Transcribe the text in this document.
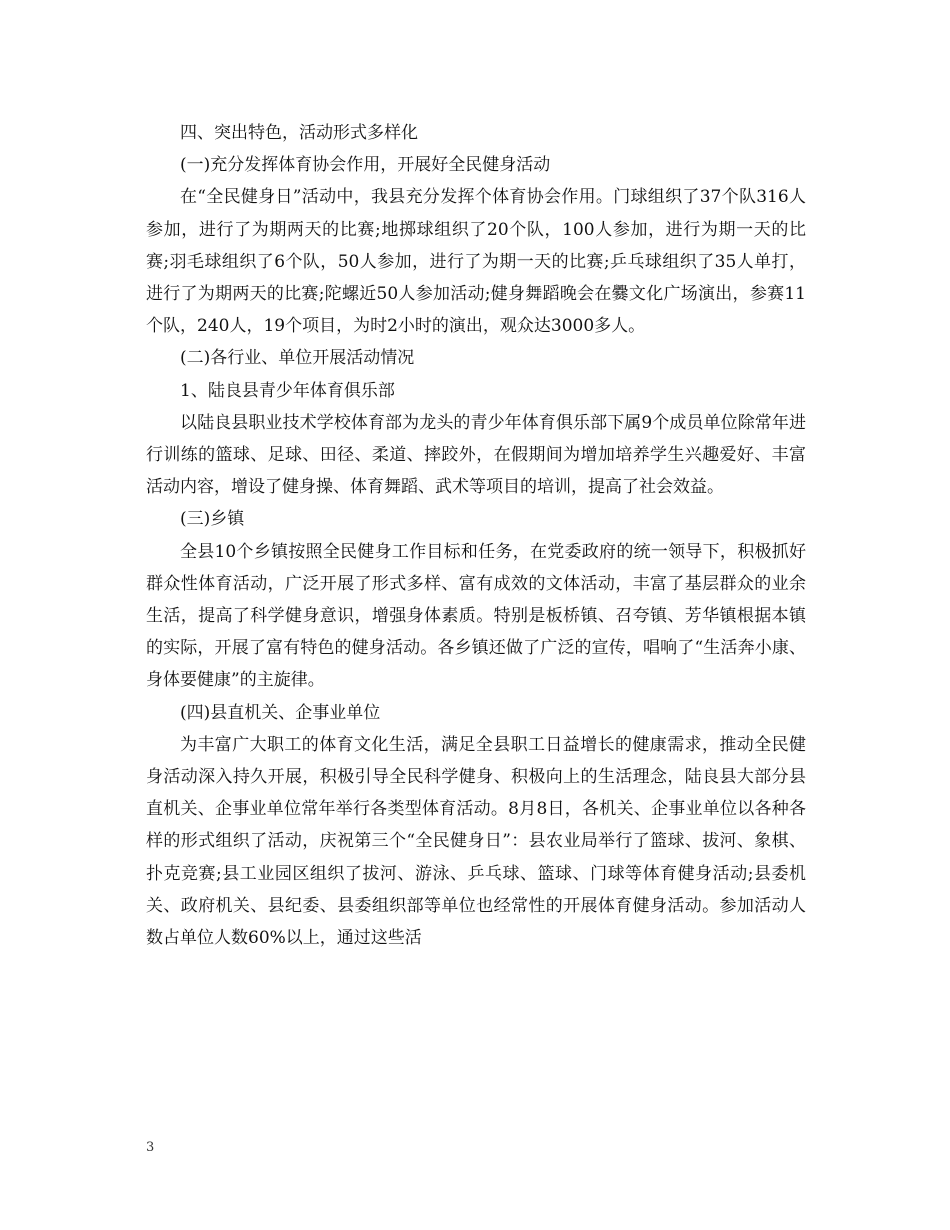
四、突出特色，活动形式多样化

(一)充分发挥体育协会作用，开展好全民健身活动

在“全民健身日”活动中，我县充分发挥个体育协会作用。门球组织了37个队316人参加，进行了为期两天的比赛;地掷球组织了20个队，100人参加，进行为期一天的比赛;羽毛球组织了6个队，50人参加，进行了为期一天的比赛;乒乓球组织了35人单打，进行了为期两天的比赛;陀螺近50人参加活动;健身舞蹈晚会在爨文化广场演出，参赛11个队，240人，19个项目，为时2小时的演出，观众达3000多人。

(二)各行业、单位开展活动情况

1、陆良县青少年体育俱乐部

以陆良县职业技术学校体育部为龙头的青少年体育俱乐部下属9个成员单位除常年进行训练的篮球、足球、田径、柔道、摔跤外，在假期间为增加培养学生兴趣爱好、丰富活动内容，增设了健身操、体育舞蹈、武术等项目的培训，提高了社会效益。

(三)乡镇

全县10个乡镇按照全民健身工作目标和任务，在党委政府的统一领导下，积极抓好群众性体育活动，广泛开展了形式多样、富有成效的文体活动，丰富了基层群众的业余生活，提高了科学健身意识，增强身体素质。特别是板桥镇、召夸镇、芳华镇根据本镇的实际，开展了富有特色的健身活动。各乡镇还做了广泛的宣传，唱响了“生活奔小康、身体要健康”的主旋律。

(四)县直机关、企事业单位

为丰富广大职工的体育文化生活，满足全县职工日益增长的健康需求，推动全民健身活动深入持久开展，积极引导全民科学健身、积极向上的生活理念，陆良县大部分县直机关、企事业单位常年举行各类型体育活动。8月8日，各机关、企事业单位以各种各样的形式组织了活动，庆祝第三个“全民健身日”：县农业局举行了篮球、拔河、象棋、扑克竞赛;县工业园区组织了拔河、游泳、乒乓球、篮球、门球等体育健身活动;县委机关、政府机关、县纪委、县委组织部等单位也经常性的开展体育健身活动。参加活动人数占单位人数60%以上，通过这些活

3
